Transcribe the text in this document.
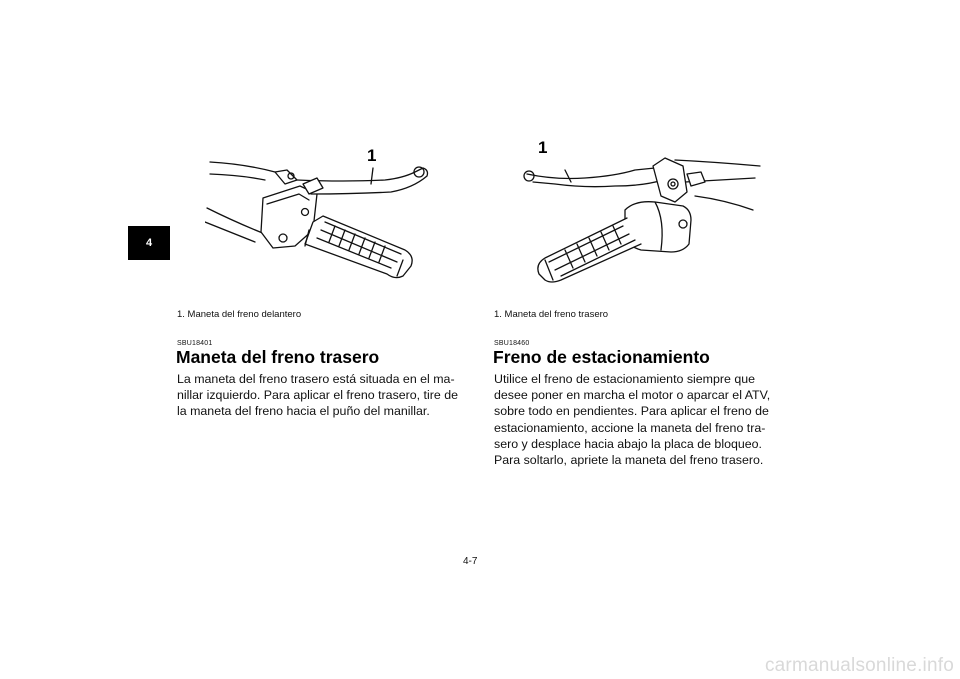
4
1	1
1. Maneta del freno delantero	1. Maneta del freno trasero
SBU18401
Maneta del freno trasero
La maneta del freno trasero está situada en el ma-
nillar izquierdo. Para aplicar el freno trasero, tire de
la maneta del freno hacia el puño del manillar.
SBU18460
Freno de estacionamiento
Utilice el freno de estacionamiento siempre que
desee poner en marcha el motor o aparcar el ATV,
sobre todo en pendientes. Para aplicar el freno de
estacionamiento, accione la maneta del freno tra-
sero y desplace hacia abajo la placa de bloqueo.
Para soltarlo, apriete la maneta del freno trasero.
4-7
carmanualsonline.info
